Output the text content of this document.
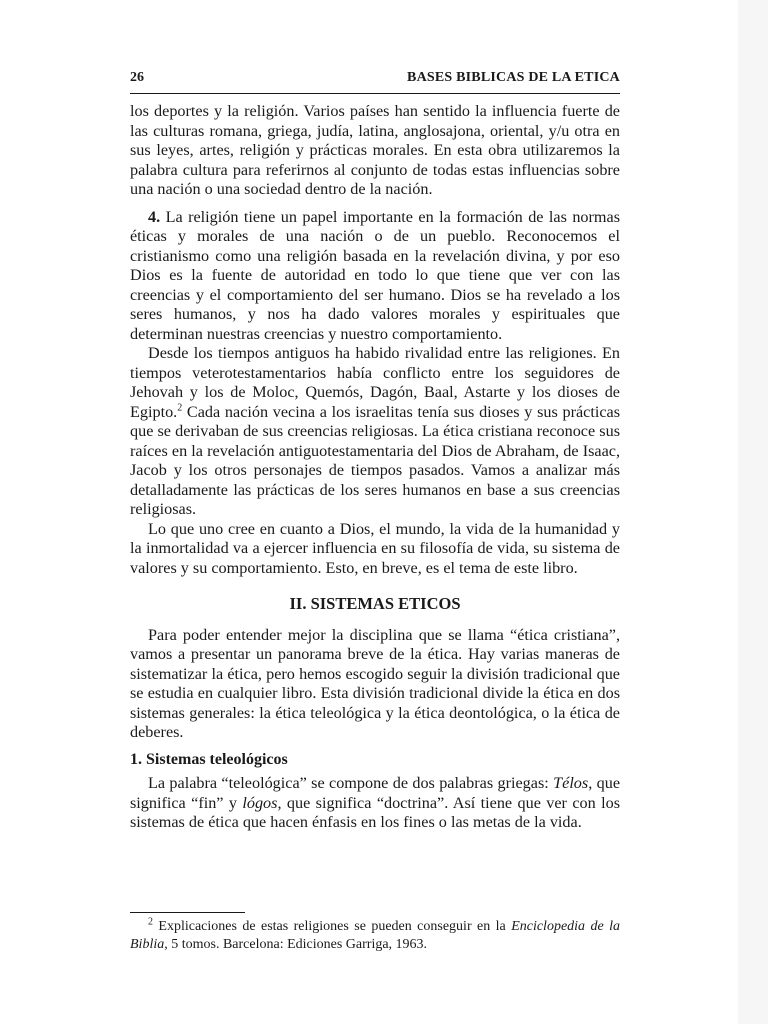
26	BASES BIBLICAS DE LA ETICA

los deportes y la religión. Varios países han sentido la influencia fuerte de las culturas romana, griega, judía, latina, anglosajona, oriental, y/u otra en sus leyes, artes, religión y prácticas morales. En esta obra utilizaremos la palabra cultura para referirnos al conjunto de todas estas influencias sobre una nación o una sociedad dentro de la nación.

4. La religión tiene un papel importante en la formación de las normas éticas y morales de una nación o de un pueblo. Reconocemos el cristianismo como una religión basada en la revelación divina, y por eso Dios es la fuente de autoridad en todo lo que tiene que ver con las creencias y el comportamiento del ser humano. Dios se ha revelado a los seres humanos, y nos ha dado valores morales y espirituales que determinan nuestras creencias y nuestro comportamiento.

Desde los tiempos antiguos ha habido rivalidad entre las religiones. En tiempos veterotestamentarios había conflicto entre los seguidores de Jehovah y los de Moloc, Quemós, Dagón, Baal, Astarte y los dioses de Egipto.$^2$ Cada nación vecina a los israelitas tenía sus dioses y sus prácticas que se derivaban de sus creencias religiosas. La ética cristiana reconoce sus raíces en la revelación antiguotestamentaria del Dios de Abraham, de Isaac, Jacob y los otros personajes de tiempos pasados. Vamos a analizar más detalladamente las prácticas de los seres humanos en base a sus creencias religiosas.

Lo que uno cree en cuanto a Dios, el mundo, la vida de la humanidad y la inmortalidad va a ejercer influencia en su filosofía de vida, su sistema de valores y su comportamiento. Esto, en breve, es el tema de este libro.

II. SISTEMAS ETICOS

Para poder entender mejor la disciplina que se llama “ética cristiana”, vamos a presentar un panorama breve de la ética. Hay varias maneras de sistematizar la ética, pero hemos escogido seguir la división tradicional que se estudia en cualquier libro. Esta división tradicional divide la ética en dos sistemas generales: la ética teleológica y la ética deontológica, o la ética de deberes.

1. Sistemas teleológicos

La palabra “teleológica” se compone de dos palabras griegas: Télos, que significa “fin” y lógos, que significa “doctrina”. Así tiene que ver con los sistemas de ética que hacen énfasis en los fines o las metas de la vida.

$^2$ Explicaciones de estas religiones se pueden conseguir en la Enciclopedia de la Biblia, 5 tomos. Barcelona: Ediciones Garriga, 1963.
